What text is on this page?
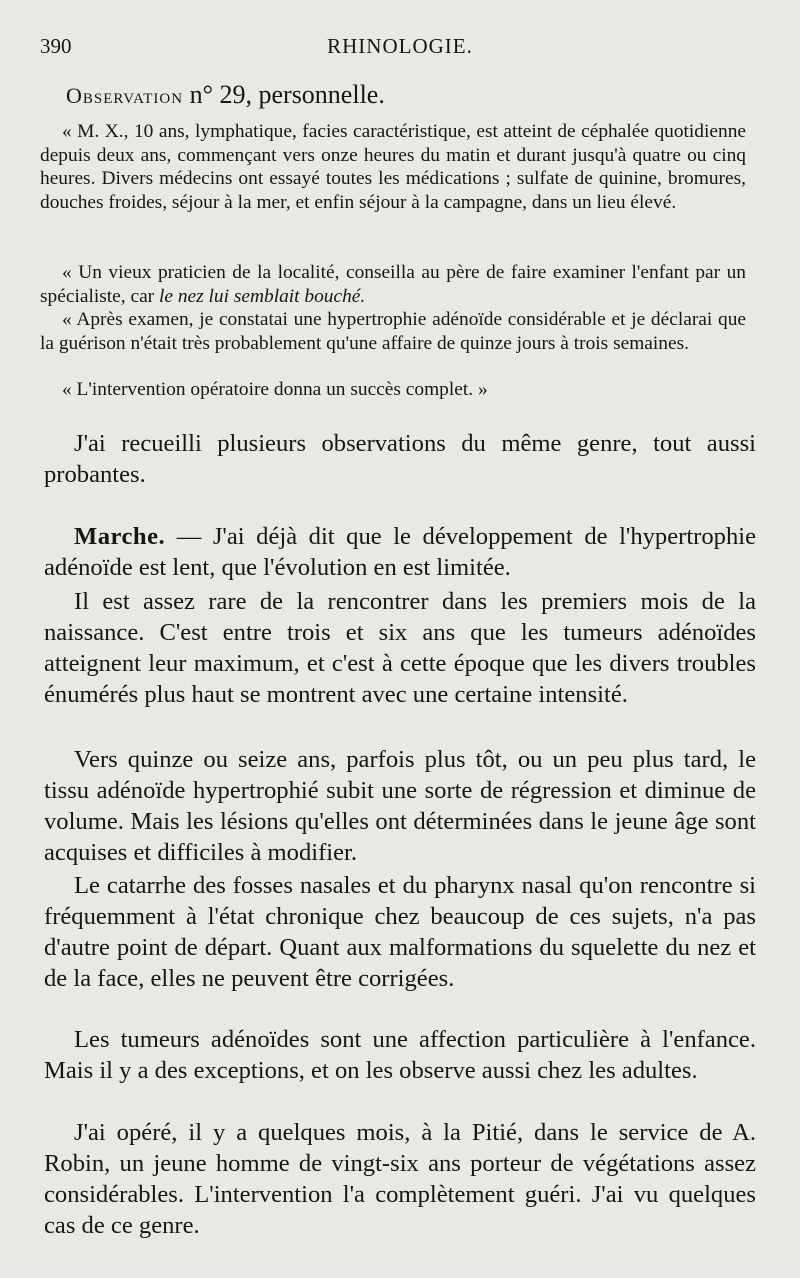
390	RHINOLOGIE.
Observation n° 29, personnelle.

« M. X., 10 ans, lymphatique, facies caractéristique, est atteint de céphalée quotidienne depuis deux ans, commençant vers onze heures du matin et durant jusqu'à quatre ou cinq heures. Divers médecins ont essayé toutes les médications ; sulfate de quinine, bromures, douches froides, séjour à la mer, et enfin séjour à la campagne, dans un lieu élevé.

« Un vieux praticien de la localité, conseilla au père de faire examiner l'enfant par un spécialiste, car le nez lui semblait bouché.

« Après examen, je constatai une hypertrophie adénoïde considérable et je déclarai que la guérison n'était très probablement qu'une affaire de quinze jours à trois semaines.

« L'intervention opératoire donna un succès complet. »

J'ai recueilli plusieurs observations du même genre, tout aussi probantes.

Marche. — J'ai déjà dit que le développement de l'hypertrophie adénoïde est lent, que l'évolution en est limitée.

Il est assez rare de la rencontrer dans les premiers mois de la naissance. C'est entre trois et six ans que les tumeurs adénoïdes atteignent leur maximum, et c'est à cette époque que les divers troubles énumérés plus haut se montrent avec une certaine intensité.

Vers quinze ou seize ans, parfois plus tôt, ou un peu plus tard, le tissu adénoïde hypertrophié subit une sorte de régression et diminue de volume. Mais les lésions qu'elles ont déterminées dans le jeune âge sont acquises et difficiles à modifier.

Le catarrhe des fosses nasales et du pharynx nasal qu'on rencontre si fréquemment à l'état chronique chez beaucoup de ces sujets, n'a pas d'autre point de départ. Quant aux malformations du squelette du nez et de la face, elles ne peuvent être corrigées.

Les tumeurs adénoïdes sont une affection particulière à l'enfance. Mais il y a des exceptions, et on les observe aussi chez les adultes.

J'ai opéré, il y a quelques mois, à la Pitié, dans le service de A. Robin, un jeune homme de vingt-six ans porteur de végétations assez considérables. L'intervention l'a complètement guéri. J'ai vu quelques cas de ce genre.
